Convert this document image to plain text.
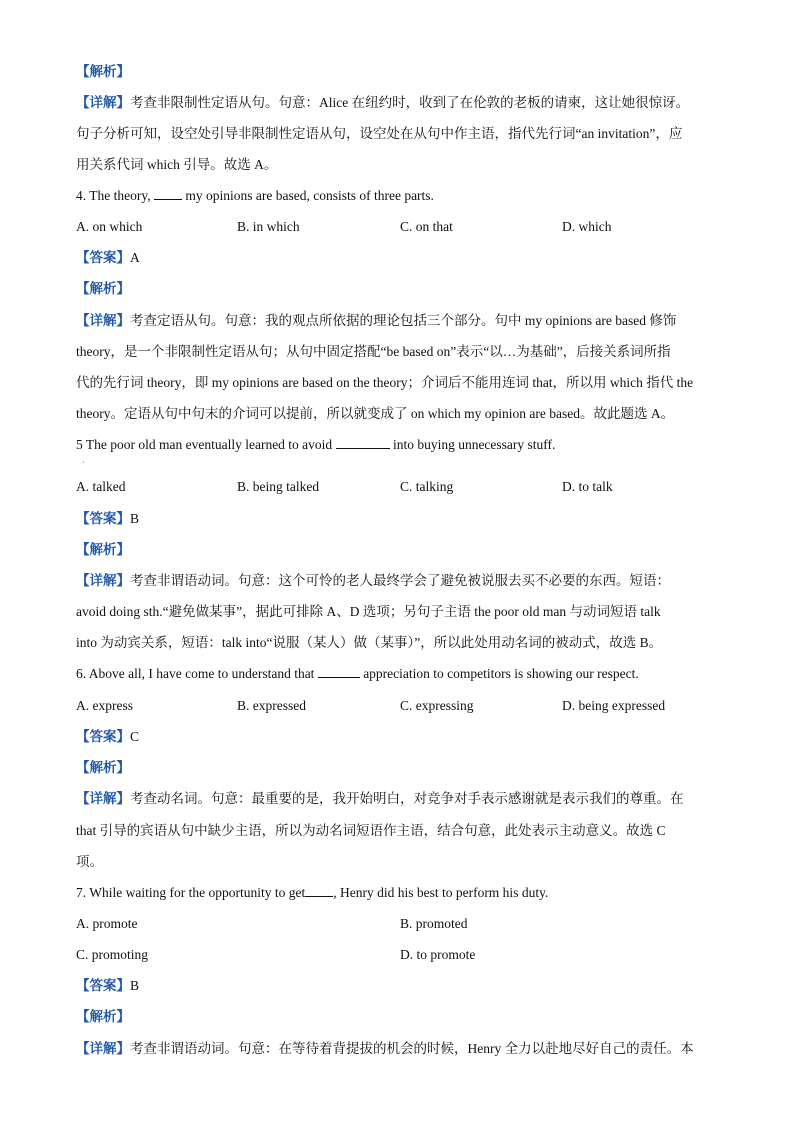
【解析】
【详解】考查非限制性定语从句。句意：Alice 在纽约时，收到了在伦敦的老板的请柬，这让她很惊讶。
句子分析可知，设空处引导非限制性定语从句，设空处在从句中作主语，指代先行词“an invitation”，应
用关系代词 which 引导。故选 A。
4. The theory,  my opinions are based, consists of three parts.
A. on which	B. in which	C. on that	D. which
【答案】A
【解析】
【详解】考查定语从句。句意：我的观点所依据的理论包括三个部分。句中 my opinions are based 修饰
theory，是一个非限制性定语从句；从句中固定搭配“be based on”表示“以…为基础”，后接关系词所指
代的先行词 theory，即 my opinions are based on the theory；介词后不能用连词 that，所以用 which 指代 the
theory。定语从句中句末的介词可以提前，所以就变成了 on which my opinion are based。故此题选 A。
5 The poor old man eventually learned to avoid	into buying unnecessary stuff.
·
A. talked	B. being talked	C. talking	D. to talk
【答案】B
【解析】
【详解】考查非谓语动词。句意：这个可怜的老人最终学会了避免被说服去买不必要的东西。短语：
avoid doing sth.“避免做某事”，据此可排除 A、D 选项；另句子主语 the poor old man 与动词短语 talk
into 为动宾关系，短语：talk into“说服（某人）做（某事）”，所以此处用动名词的被动式，故选 B。
6. Above all, I have come to understand that	appreciation to competitors is showing our respect.
A. express	B. expressed	C. expressing	D. being expressed
【答案】C
【解析】
【详解】考查动名词。句意：最重要的是，我开始明白，对竞争对手表示感谢就是表示我们的尊重。在
that 引导的宾语从句中缺少主语，所以为动名词短语作主语，结合句意，此处表示主动意义。故选 C
项。
7. While waiting for the opportunity to get , Henry did his best to perform his duty.
A. promote	B. promoted
C. promoting	D. to promote
【答案】B
【解析】
【详解】考查非谓语动词。句意：在等待着背提拔的机会的时候，Henry 全力以赴地尽好自己的责任。本
